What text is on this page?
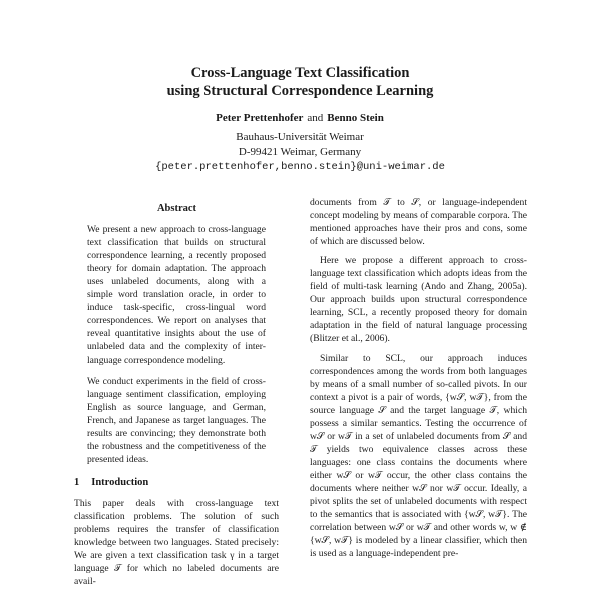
Cross-Language Text Classification
using Structural Correspondence Learning
Peter Prettenhofer and Benno Stein
Bauhaus-Universität Weimar
D-99421 Weimar, Germany
{peter.prettenhofer,benno.stein}@uni-weimar.de
Abstract

We present a new approach to cross-language text classification that builds on structural correspondence learning, a recently proposed theory for domain adaptation. The approach uses unlabeled documents, along with a simple word translation oracle, in order to induce task-specific, cross-lingual word correspondences. We report on analyses that reveal quantitative insights about the use of unlabeled data and the complexity of inter-language correspondence modeling.

We conduct experiments in the field of cross-language sentiment classification, employing English as source language, and German, French, and Japanese as target languages. The results are convincing; they demonstrate both the robustness and the competitiveness of the presented ideas.

1 Introduction

This paper deals with cross-language text classification problems. The solution of such problems requires the transfer of classification knowledge between two languages. Stated precisely: We are given a text classification task γ in a target language 𝒯 for which no labeled documents are avail-

documents from 𝒯 to 𝒮, or language-independent concept modeling by means of comparable corpora. The mentioned approaches have their pros and cons, some of which are discussed below.

Here we propose a different approach to cross-language text classification which adopts ideas from the field of multi-task learning (Ando and Zhang, 2005a). Our approach builds upon structural correspondence learning, SCL, a recently proposed theory for domain adaptation in the field of natural language processing (Blitzer et al., 2006).

Similar to SCL, our approach induces correspondences among the words from both languages by means of a small number of so-called pivots. In our context a pivot is a pair of words, {w𝒮, w𝒯}, from the source language 𝒮 and the target language 𝒯, which possess a similar semantics. Testing the occurrence of w𝒮 or w𝒯 in a set of unlabeled documents from 𝒮 and 𝒯 yields two equivalence classes across these languages: one class contains the documents where either w𝒮 or w𝒯 occur, the other class contains the documents where neither w𝒮 nor w𝒯 occur. Ideally, a pivot splits the set of unlabeled documents with respect to the semantics that is associated with {w𝒮, w𝒯}. The correlation between w𝒮 or w𝒯 and other words w, w ∉ {w𝒮, w𝒯} is modeled by a linear classifier, which then is used as a language-independent pre-
